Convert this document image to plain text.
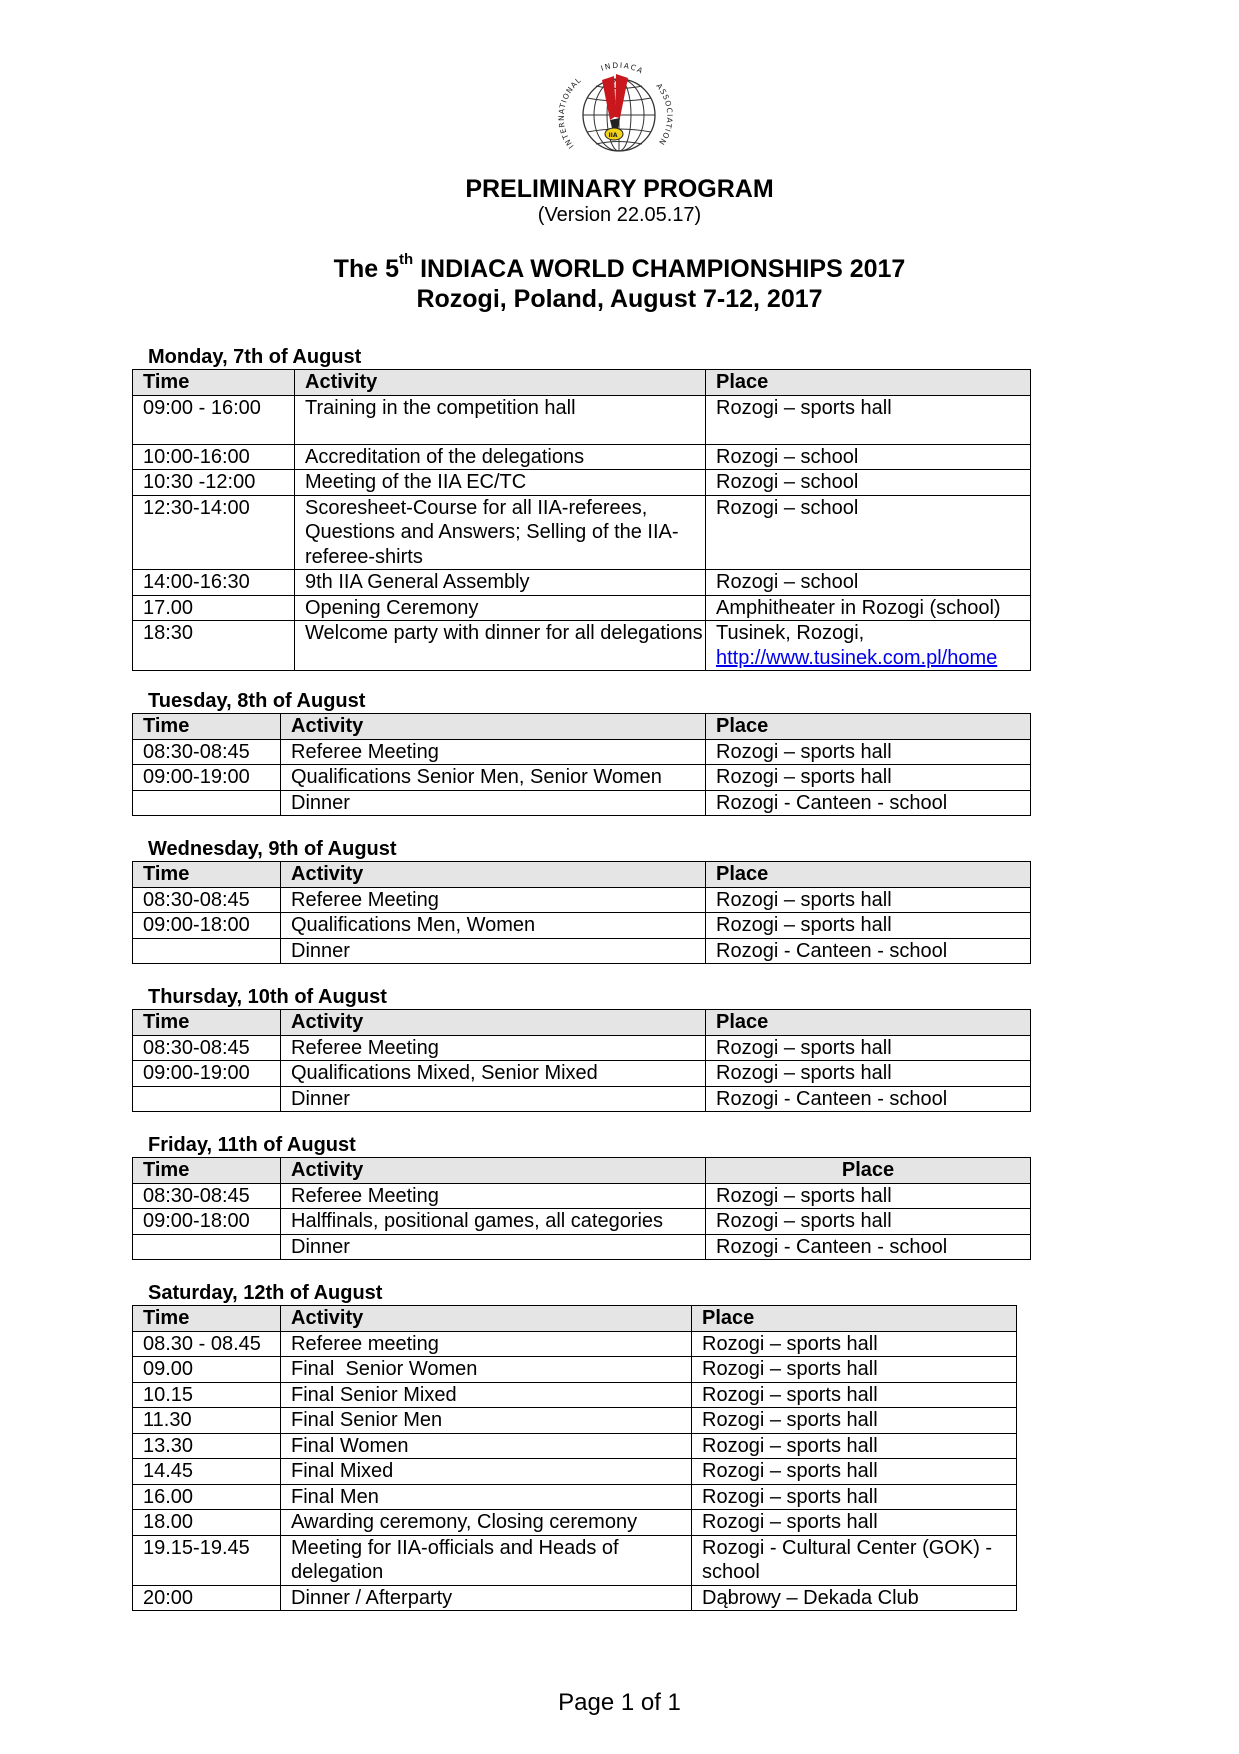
INTERNATIONAL
INDIACA
ASSOCIATION
IIA
PRELIMINARY PROGRAM
(Version 22.05.17)
The 5th INDIACA WORLD CHAMPIONSHIPS 2017
Rozogi, Poland, August 7-12, 2017
Monday, 7th of August
Time	Activity	Place
09:00 - 16:00	Training in the competition hall	Rozogi – sports hall
10:00-16:00	Accreditation of the delegations	Rozogi – school
10:30 -12:00	Meeting of the IIA EC/TC	Rozogi – school
12:30-14:00	Scoresheet-Course for all IIA-referees, Questions and Answers; Selling of the IIA-referee-shirts	Rozogi – school
14:00-16:30	9th IIA General Assembly	Rozogi – school
17.00	Opening Ceremony	Amphitheater in Rozogi (school)
18:30	Welcome party with dinner for all delegations	Tusinek, Rozogi,
http://www.tusinek.com.pl/home
Tuesday, 8th of August
Time	Activity	Place
08:30-08:45	Referee Meeting	Rozogi – sports hall
09:00-19:00	Qualifications Senior Men, Senior Women	Rozogi – sports hall
	Dinner	Rozogi - Canteen - school
Wednesday, 9th of August
Time	Activity	Place
08:30-08:45	Referee Meeting	Rozogi – sports hall
09:00-18:00	Qualifications Men, Women	Rozogi – sports hall
	Dinner	Rozogi - Canteen - school
Thursday, 10th of August
Time	Activity	Place
08:30-08:45	Referee Meeting	Rozogi – sports hall
09:00-19:00	Qualifications Mixed, Senior Mixed	Rozogi – sports hall
	Dinner	Rozogi - Canteen - school
Friday, 11th of August
Time	Activity	Place
08:30-08:45	Referee Meeting	Rozogi – sports hall
09:00-18:00	Halffinals, positional games, all categories	Rozogi – sports hall
	Dinner	Rozogi - Canteen - school
Saturday, 12th of August
Time	Activity	Place
08.30 - 08.45	Referee meeting	Rozogi – sports hall
09.00	Final  Senior Women	Rozogi – sports hall
10.15	Final Senior Mixed	Rozogi – sports hall
11.30	Final Senior Men	Rozogi – sports hall
13.30	Final Women	Rozogi – sports hall
14.45	Final Mixed	Rozogi – sports hall
16.00	Final Men	Rozogi – sports hall
18.00	Awarding ceremony, Closing ceremony	Rozogi – sports hall
19.15-19.45	Meeting for IIA-officials and Heads of delegation	Rozogi - Cultural Center (GOK) - school
20:00	Dinner / Afterparty	Dąbrowy – Dekada Club
Page 1 of 1
